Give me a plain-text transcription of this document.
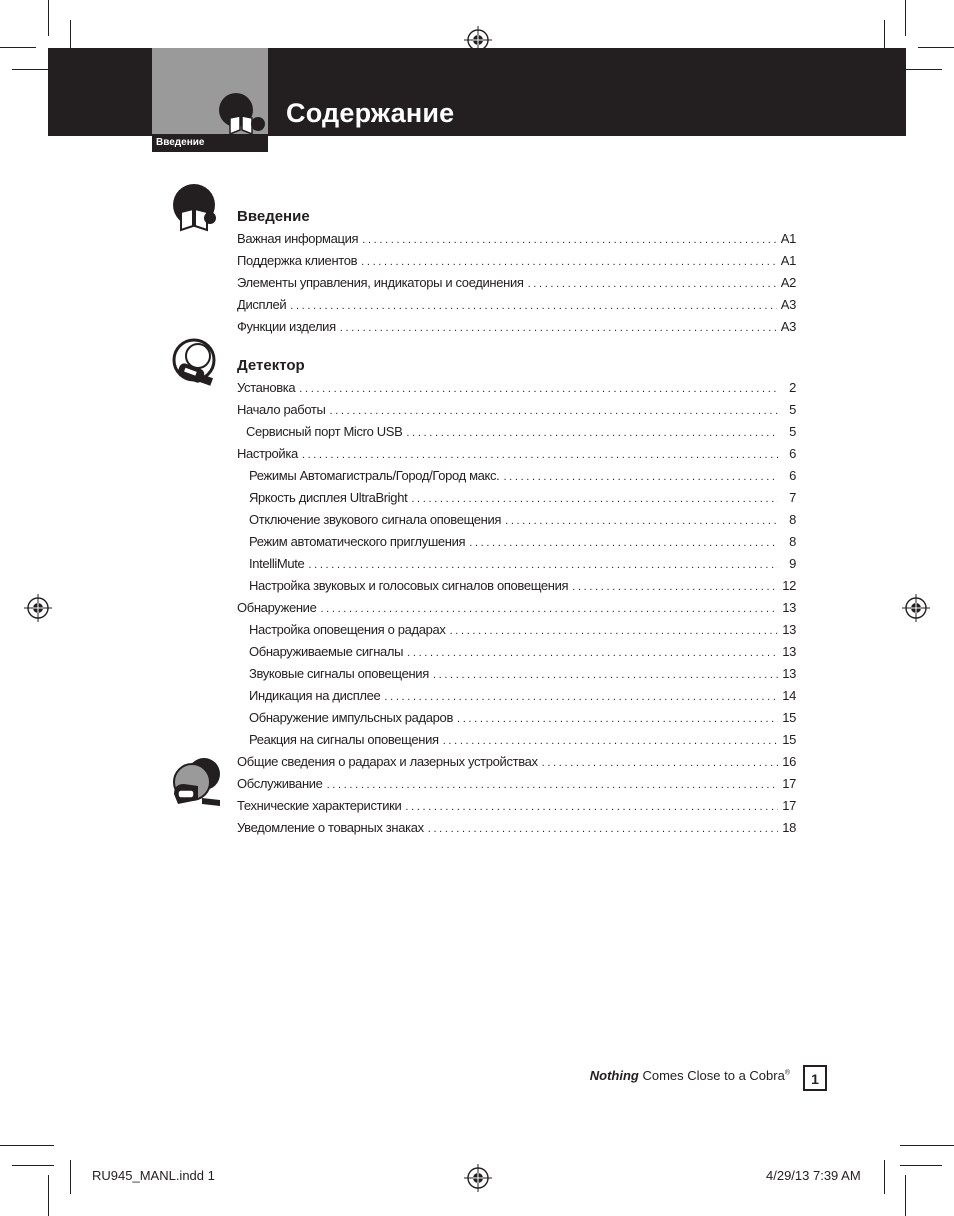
Введение
Содержание
Введение
Важная информация . . .	A1
Поддержка клиентов . . .	A1
Элементы управления, индикаторы и соединения . . .	A2
Дисплей . . .	A3
Функции изделия . . .	A3
Детектор
Установка . . .	2
Начало работы . . .	5
Сервисный порт Micro USB . . .	5
Настройка . . .	6
Режимы Автомагистраль/Город/Город макс. . . .	6
Яркость дисплея UltraBright . . .	7
Отключение звукового сигнала оповещения . . .	8
Режим автоматического приглушения . . .	8
IntelliMute . . .	9
Настройка звуковых и голосовых сигналов оповещения . . .	12
Обнаружение . . .	13
Настройка оповещения о радарах . . .	13
Обнаруживаемые сигналы . . .	13
Звуковые сигналы оповещения . . .	13
Индикация на дисплее . . .	14
Обнаружение импульсных радаров . . .	15
Реакция на сигналы оповещения . . .	15
Общие сведения о радарах и лазерных устройствах . . .	16
Обслуживание . . .	17
Технические характеристики . . .	17
Уведомление о товарных знаках . . .	18
Nothing Comes Close to a Cobra®	1
RU945_MANL.indd 1	4/29/13 7:39 AM
